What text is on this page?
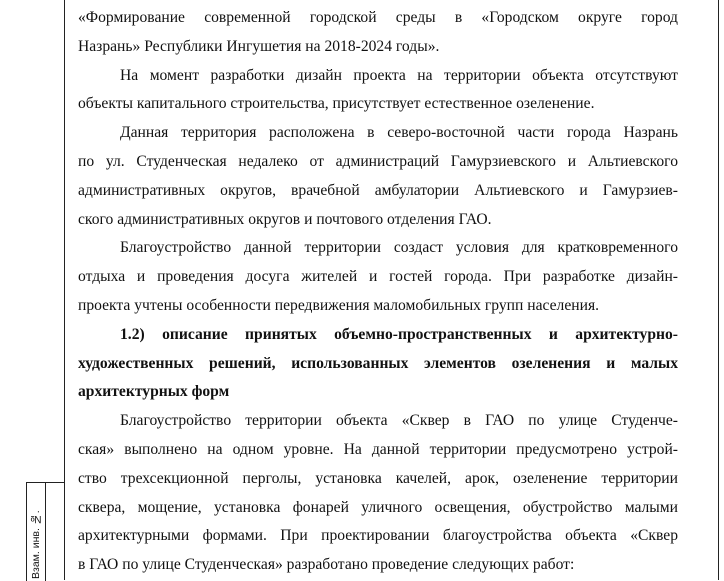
Взам. инв. №.

«Формирование современной городской среды в «Городском округе город
Назрань» Республики Ингушетия на 2018-2024 годы».

На момент разработки дизайн проекта на территории объекта отсутствуют
объекты капитального строительства, присутствует естественное озеленение.

Данная территория расположена в северо-восточной части города Назрань
по ул. Студенческая недалеко от администраций Гамурзиевского и Альтиевского
административных округов, врачебной амбулатории Альтиевского и Гамурзиев-
ского административных округов и почтового отделения ГАО.

Благоустройство данной территории создаст условия для кратковременного
отдыха и проведения досуга жителей и гостей города. При разработке дизайн-
проекта учтены особенности передвижения маломобильных групп населения.

1.2) описание принятых объемно-пространственных и архитектурно-
художественных решений, использованных элементов озеленения и малых
архитектурных форм

Благоустройство территории объекта «Сквер в ГАО по улице Студенче-
ская» выполнено на одном уровне. На данной территории предусмотрено устрой-
ство трехсекционной перголы, установка качелей, арок, озеленение территории
сквера, мощение, установка фонарей уличного освещения, обустройство малыми
архитектурными формами. При проектировании благоустройства объекта «Сквер
в ГАО по улице Студенческая» разработано проведение следующих работ:
